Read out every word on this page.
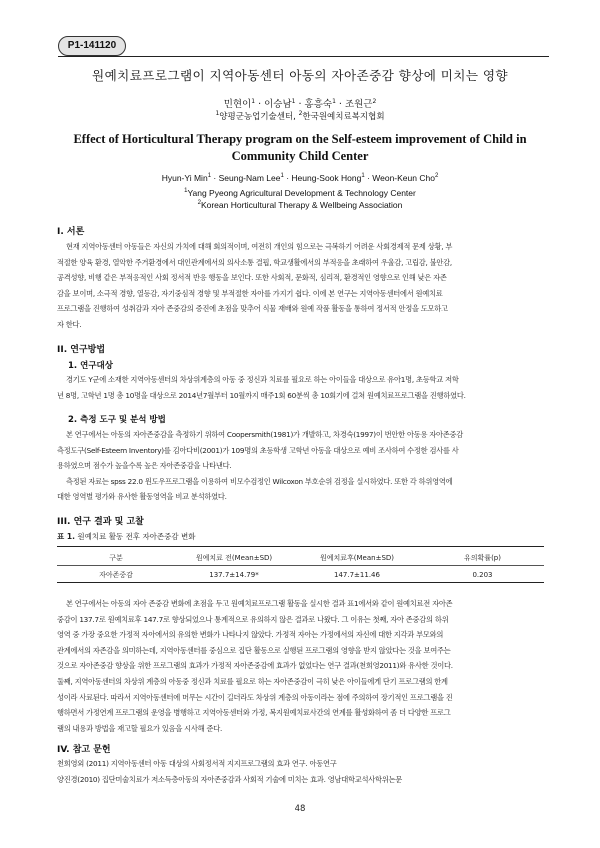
P1-141120
원예치료프로그램이 지역아동센터 아동의 자아존중감 향상에 미치는 영향
민현이$^1$ · 이승남$^1$ · 홍흥숙$^1$ · 조원근$^2$
$^1$양평군농업기술센터, $^2$한국원예치료복지협회
Effect of Horticultural Therapy program on the Self-esteem improvement of Child in
Community Child Center
Hyun-Yi Min$^1$ · Seung-Nam Lee$^1$ · Heung-Sook Hong$^1$ · Weon-Keun Cho$^2$
$^1$Yang Pyeong Agricultural Development & Technology Center
$^2$Korean Horticultural Therapy & Wellbeing Association
I. 서론
현재 지역아동센터 아동들은 자신의 가치에 대해 회의적이며, 여전히 개인의 힘으로는 극복하기 어려운 사회경제적 문제 상황, 부
적절한 양육 환경, 열악한 주거환경에서 대인관계에서의 의사소통 결핍, 학교생활에서의 부적응을 초래하여 우울감, 고립감, 불안감,
공격성향, 비행 같은 부적응적인 사회 정서적 반응 행동을 보인다. 또한 사회적, 문화적, 심리적, 환경적인 영향으로 인해 낮은 자존
감을 보이며, 소극적 경향, 열등감, 자기중심적 경향 및 부적절한 자아를 가지기 쉽다. 이에 본 연구는 지역아동센터에서 원예치료
프로그램을 진행하여 성취감과 자아 존중감의 증진에 초점을 맞추어 식물 재배와 원예 작품 활동을 통하여 정서적 안정을 도모하고
자 한다.
II. 연구방법
1. 연구대상
경기도 Y군에 소재한 지역아동센터의 차상위계층의 아동 중 정신과 치료를 필요로 하는 아이들을 대상으로 유아1명, 초등학교 저학
년 8명, 고학년 1명 총 10명을 대상으로 2014년7월부터 10월까지 매주1회 60분씩 총 10회기에 걸쳐 원예치료프로그램을 진행하였다.
2. 측정 도구 및 분석 방법
본 연구에서는 아동의 자아존중감을 측정하기 위하여 Coopersmith(1981)가 개발하고, 차경숙(1997)이 번안한 아동용 자아존중감
측정도구(Self-Esteem Inventory)를 김아다비(2001)가 109명의 초등학생 고학년 아동을 대상으로 예비 조사하여 수정한 검사를 사
용하였으며 점수가 높을수록 높은 자아존중감을 나타낸다.
측정된 자료는 spss 22.0 윈도우프로그램을 이용하여 비모수검정인 Wilcoxon 부호순위 검정을 실시하였다. 또한 각 하위영역에
대한 영역별 평가와 유사한 활동영역을 비교 분석하였다.
III. 연구 결과 및 고찰
표 1. 원예치료 활동 전후 자아존중감 변화
구분	원예치료 전(Mean±SD)	원예치료후(Mean±SD)	유의확률(p)
자아존중감	137.7±14.79*	147.7±11.46	0.203
본 연구에서는 아동의 자아 존중감 변화에 초점을 두고 원예치료프로그램 활동을 실시한 결과 표1에서와 같이 원예치료전 자아존
중감이 137.7로 원예치료후 147.7로 향상되었으나 통계적으로 유의하지 않은 결과로 나왔다. 그 이유는 첫째, 자아 존중감의 하위
영역 중 가장 중요한 가정적 자아에서의 유의한 변화가 나타나지 않았다. 가정적 자아는 가정에서의 자신에 대한 지각과 부모와의
관계에서의 자존감을 의미하는데, 지역아동센터를 중심으로 집단 활동으로 실행된 프로그램의 영향을 받지 않았다는 것을 보여주는
것으로 자아존중감 향상을 위한 프로그램의 효과가 가정적 자아존중감에 효과가 없었다는 연구 결과(천희영2011)와 유사한 것이다.
둘째, 지역아동센터의 차상위 계층의 아동중 정신과 치료를 필요로 하는 자아존중감이 극히 낮은 아이들에게 단기 프로그램의 한계
성이라 사료된다. 따라서 지역아동센터에 머무는 시간이 길더라도 차상위 계층의 아동이라는 점에 주의하여 장기적인 프로그램을 진
행하면서 가정연계 프로그램의 운영을 병행하고 지역아동센터와 가정, 복지원예치료사간의 연계를 활성화하여 좀 더 다양한 프로그
램의 내용과 방법을 재고할 필요가 있음을 시사해 준다.
IV. 참고 문헌
천희영외 (2011) 지역아동센터 아동 대상의 사회정서적 지지프로그램의 효과 연구. 아동연구
양진경(2010) 집단미술치료가 저소득층아동의 자아존중감과 사회적 기술에 미치는 효과. 영남대학교석사학위논문
48
